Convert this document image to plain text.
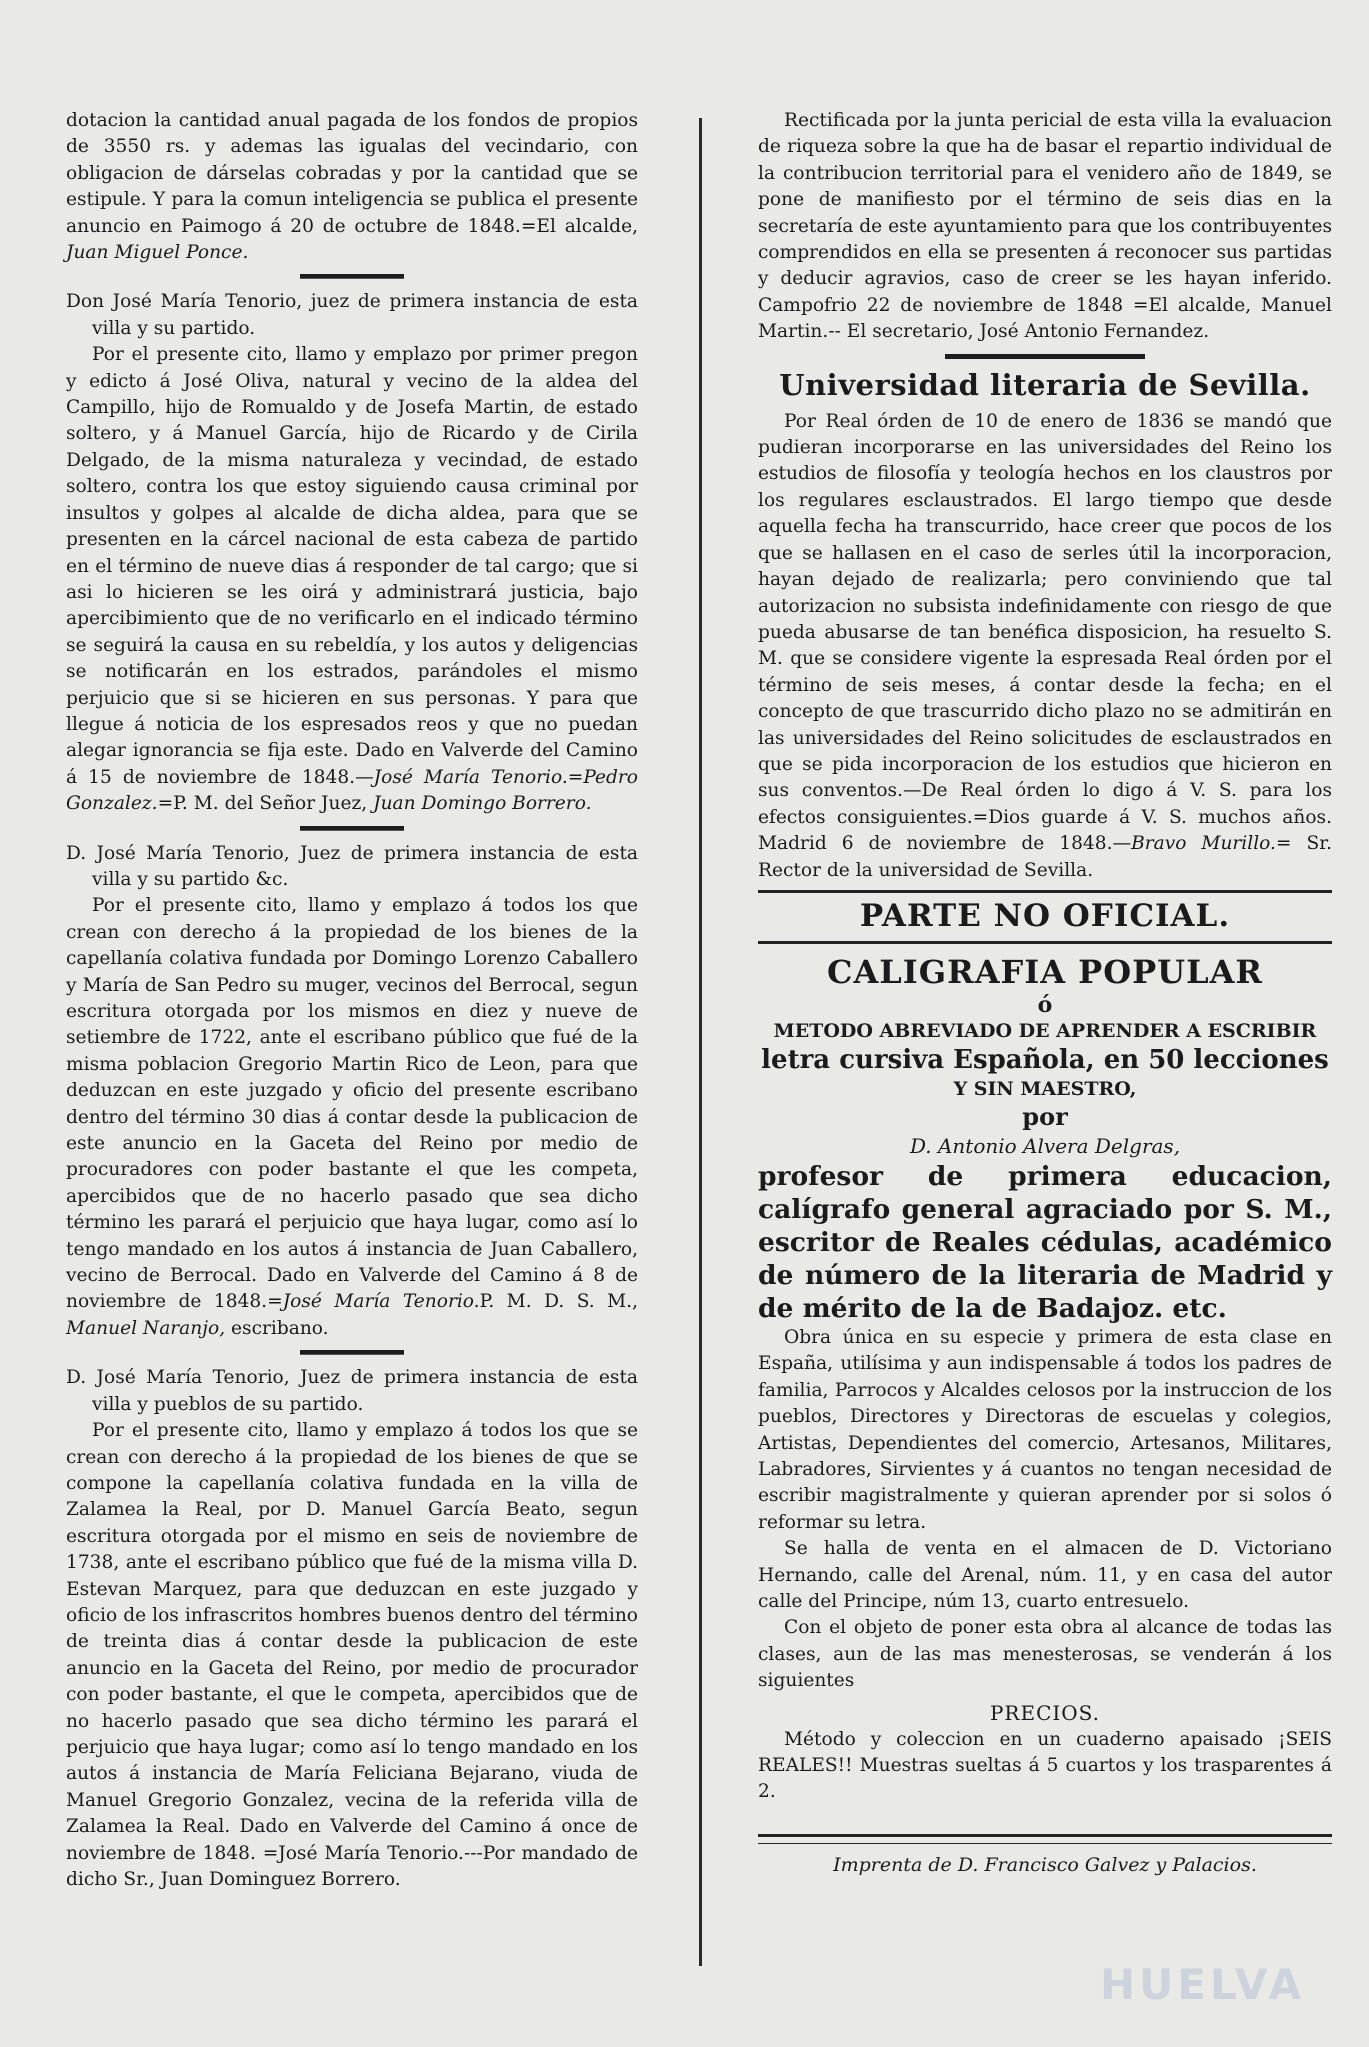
dotacion la cantidad anual pagada de los fondos de propios de 3550 rs. y ademas las igualas del vecindario, con obligacion de dárselas cobradas y por la cantidad que se estipule. Y para la comun inteligencia se publica el presente anuncio en Paimogo á 20 de octubre de 1848.=El alcalde, Juan Miguel Ponce.

Don José María Tenorio, juez de primera instancia de esta villa y su partido.

Por el presente cito, llamo y emplazo por primer pregon y edicto á José Oliva, natural y vecino de la aldea del Campillo, hijo de Romualdo y de Josefa Martin, de estado soltero, y á Manuel García, hijo de Ricardo y de Cirila Delgado, de la misma naturaleza y vecindad, de estado soltero, contra los que estoy siguiendo causa criminal por insultos y golpes al alcalde de dicha aldea, para que se presenten en la cárcel nacional de esta cabeza de partido en el término de nueve dias á responder de tal cargo; que si asi lo hicieren se les oirá y administrará justicia, bajo apercibimiento que de no verificarlo en el indicado término se seguirá la causa en su rebeldía, y los autos y deligencias se notificarán en los estrados, parándoles el mismo perjuicio que si se hicieren en sus personas. Y para que llegue á noticia de los espresados reos y que no puedan alegar ignorancia se fija este. Dado en Valverde del Camino á 15 de noviembre de 1848.—José María Tenorio.=Pedro Gonzalez.=P. M. del Señor Juez, Juan Domingo Borrero.

D. José María Tenorio, Juez de primera instancia de esta villa y su partido &c.

Por el presente cito, llamo y emplazo á todos los que crean con derecho á la propiedad de los bienes de la capellanía colativa fundada por Domingo Lorenzo Caballero y María de San Pedro su muger, vecinos del Berrocal, segun escritura otorgada por los mismos en diez y nueve de setiembre de 1722, ante el escribano público que fué de la misma poblacion Gregorio Martin Rico de Leon, para que deduzcan en este juzgado y oficio del presente escribano dentro del término 30 dias á contar desde la publicacion de este anuncio en la Gaceta del Reino por medio de procuradores con poder bastante el que les competa, apercibidos que de no hacerlo pasado que sea dicho término les parará el perjuicio que haya lugar, como así lo tengo mandado en los autos á instancia de Juan Caballero, vecino de Berrocal. Dado en Valverde del Camino á 8 de noviembre de 1848.=José María Tenorio.P. M. D. S. M., Manuel Naranjo, escribano.

D. José María Tenorio, Juez de primera instancia de esta villa y pueblos de su partido.

Por el presente cito, llamo y emplazo á todos los que se crean con derecho á la propiedad de los bienes de que se compone la capellanía colativa fundada en la villa de Zalamea la Real, por D. Manuel García Beato, segun escritura otorgada por el mismo en seis de noviembre de 1738, ante el escribano público que fué de la misma villa D. Estevan Marquez, para que deduzcan en este juzgado y oficio de los infrascritos hombres buenos dentro del término de treinta dias á contar desde la publicacion de este anuncio en la Gaceta del Reino, por medio de procurador con poder bastante, el que le competa, apercibidos que de no hacerlo pasado que sea dicho término les parará el perjuicio que haya lugar; como así lo tengo mandado en los autos á instancia de María Feliciana Bejarano, viuda de Manuel Gregorio Gonzalez, vecina de la referida villa de Zalamea la Real. Dado en Valverde del Camino á once de noviembre de 1848. =José María Tenorio.---Por mandado de dicho Sr., Juan Dominguez Borrero.

Rectificada por la junta pericial de esta villa la evaluacion de riqueza sobre la que ha de basar el repartio individual de la contribucion territorial para el venidero año de 1849, se pone de manifiesto por el término de seis dias en la secretaría de este ayuntamiento para que los contribuyentes comprendidos en ella se presenten á reconocer sus partidas y deducir agravios, caso de creer se les hayan inferido. Campofrio 22 de noviembre de 1848 =El alcalde, Manuel Martin.-- El secretario, José Antonio Fernandez.

Universidad literaria de Sevilla.

Por Real órden de 10 de enero de 1836 se mandó que pudieran incorporarse en las universidades del Reino los estudios de filosofía y teología hechos en los claustros por los regulares esclaustrados. El largo tiempo que desde aquella fecha ha transcurrido, hace creer que pocos de los que se hallasen en el caso de serles útil la incorporacion, hayan dejado de realizarla; pero conviniendo que tal autorizacion no subsista indefinidamente con riesgo de que pueda abusarse de tan benéfica disposicion, ha resuelto S. M. que se considere vigente la espresada Real órden por el término de seis meses, á contar desde la fecha; en el concepto de que trascurrido dicho plazo no se admitirán en las universidades del Reino solicitudes de esclaustrados en que se pida incorporacion de los estudios que hicieron en sus conventos.—De Real órden lo digo á V. S. para los efectos consiguientes.=Dios guarde á V. S. muchos años. Madrid 6 de noviembre de 1848.—Bravo Murillo.= Sr. Rector de la universidad de Sevilla.

PARTE NO OFICIAL.
CALIGRAFIA POPULAR
ó
METODO ABREVIADO DE APRENDER A ESCRIBIR
letra cursiva Española, en 50 lecciones
Y SIN MAESTRO,
por
D. Antonio Alvera Delgras,
profesor de primera educacion, calígrafo general agraciado por S. M., escritor de Reales cédulas, académico de número de la literaria de Madrid y de mérito de la de Badajoz. etc.

Obra única en su especie y primera de esta clase en España, utilísima y aun indispensable á todos los padres de familia, Parrocos y Alcaldes celosos por la instruccion de los pueblos, Directores y Directoras de escuelas y colegios, Artistas, Dependientes del comercio, Artesanos, Militares, Labradores, Sirvientes y á cuantos no tengan necesidad de escribir magistralmente y quieran aprender por si solos ó reformar su letra.

Se halla de venta en el almacen de D. Victoriano Hernando, calle del Arenal, núm. 11, y en casa del autor calle del Principe, núm 13, cuarto entresuelo.

Con el objeto de poner esta obra al alcance de todas las clases, aun de las mas menesterosas, se venderán á los siguientes

PRECIOS.

Método y coleccion en un cuaderno apaisado ¡SEIS REALES!! Muestras sueltas á 5 cuartos y los trasparentes á 2.

Imprenta de D. Francisco Galvez y Palacios.
HUELVA
